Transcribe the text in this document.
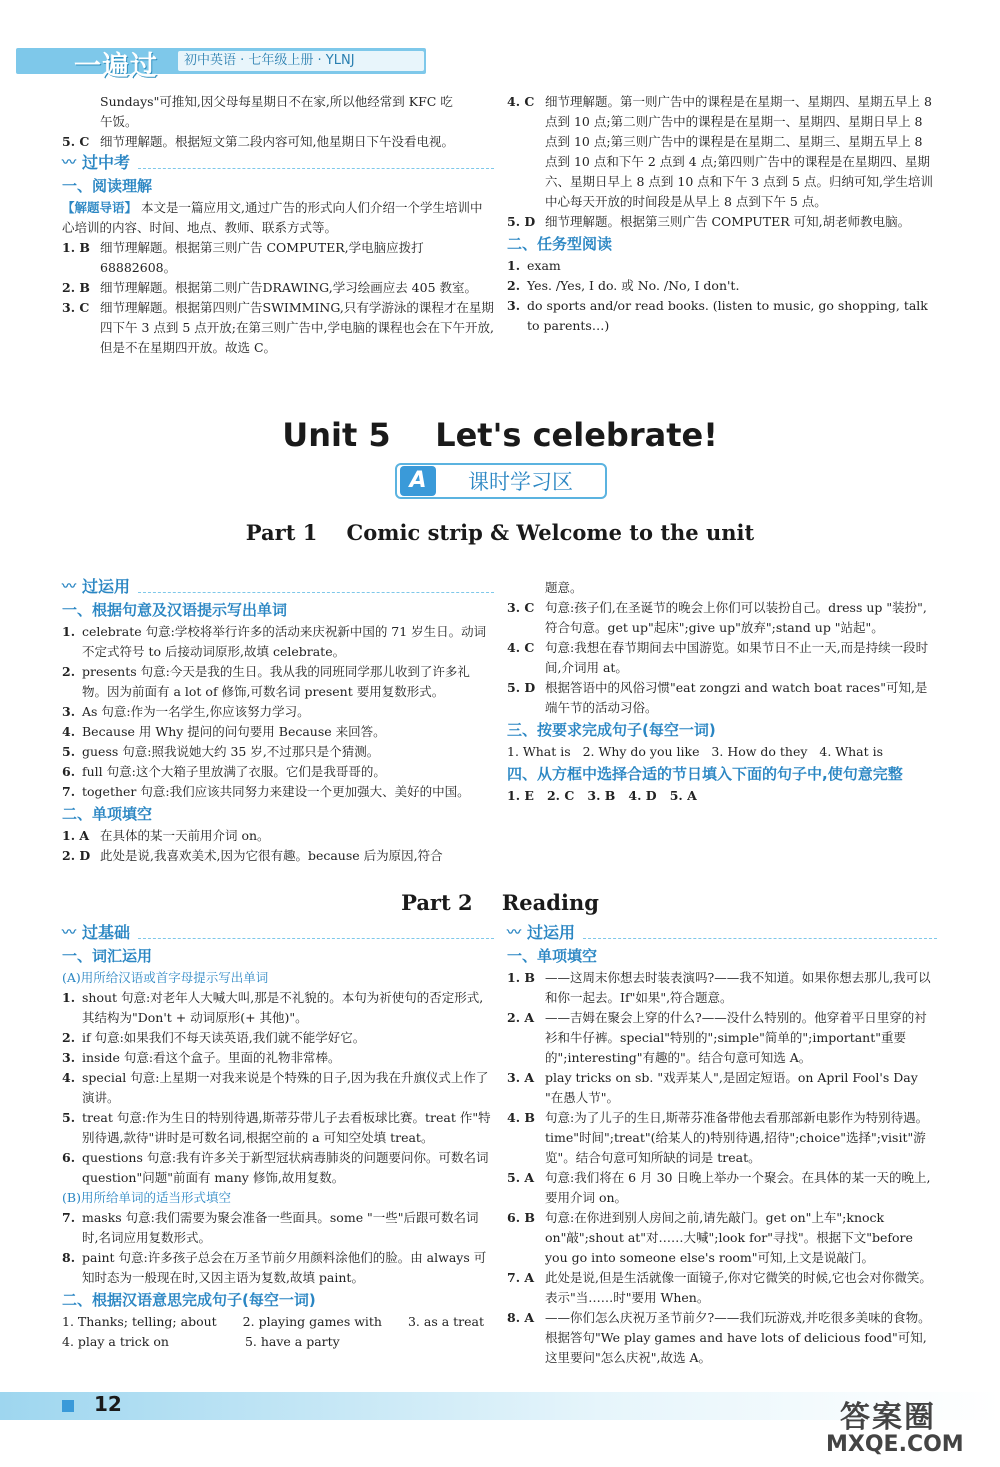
一遍过	初中英语 · 七年级上册 · YLNJ

Sundays"可推知,因父母每星期日不在家,所以他经常到 KFC 吃

午饭。

5. C 细节理解题。根据短文第二段内容可知,他星期日下午没看电视。
〰 过中考
一、阅读理解

【解题导语】 本文是一篇应用文,通过广告的形式向人们介绍一个学生培训中心培训的内容、时间、地点、教师、联系方式等。

1. B 细节理解题。根据第三则广告 COMPUTER,学电脑应拨打 68882608。
2. B 细节理解题。根据第二则广告DRAWING,学习绘画应去 405 教室。
3. C 细节理解题。根据第四则广告SWIMMING,只有学游泳的课程才在星期四下午 3 点到 5 点开放;在第三则广告中,学电脑的课程也会在下午开放,但是不在星期四开放。故选 C。
4. C 细节理解题。第一则广告中的课程是在星期一、星期四、星期五早上 8 点到 10 点;第二则广告中的课程是在星期一、星期四、星期日早上 8 点到 10 点;第三则广告中的课程是在星期二、星期三、星期五早上 8 点到 10 点和下午 2 点到 4 点;第四则广告中的课程是在星期四、星期六、星期日早上 8 点到 10 点和下午 3 点到 5 点。归纳可知,学生培训中心每天开放的时间段是从早上 8 点到下午 5 点。
5. D 细节理解题。根据第三则广告 COMPUTER 可知,胡老师教电脑。
二、任务型阅读
1. exam
2. Yes. /Yes, I do. 或 No. /No, I don't.
3. do sports and/or read books. (listen to music, go shopping, talk to parents…)
Unit 5    Let's celebrate!
A	课时学习区
Part 1    Comic strip & Welcome to the unit
〰 过运用
一、根据句意及汉语提示写出单词
1. celebrate 句意:学校将举行许多的活动来庆祝新中国的 71 岁生日。动词不定式符号 to 后接动词原形,故填 celebrate。
2. presents 句意:今天是我的生日。我从我的同班同学那儿收到了许多礼物。因为前面有 a lot of 修饰,可数名词 present 要用复数形式。
3. As 句意:作为一名学生,你应该努力学习。
4. Because 用 Why 提问的问句要用 Because 来回答。
5. guess 句意:照我说她大约 35 岁,不过那只是个猜测。
6. full 句意:这个大箱子里放满了衣服。它们是我哥哥的。
7. together 句意:我们应该共同努力来建设一个更加强大、美好的中国。
二、单项填空
1. A 在具体的某一天前用介词 on。
2. D 此处是说,我喜欢美术,因为它很有趣。because 后为原因,符合

题意。

3. C 句意:孩子们,在圣诞节的晚会上你们可以装扮自己。dress up "装扮",符合句意。get up"起床";give up"放弃";stand up "站起"。
4. C 句意:我想在春节期间去中国游览。如果节日不止一天,而是持续一段时间,介词用 at。
5. D 根据答语中的风俗习惯"eat zongzi and watch boat races"可知,是端午节的活动习俗。
三、按要求完成句子(每空一词)

1. What is   2. Why do you like   3. How do they   4. What is

四、从方框中选择合适的节日填入下面的句子中,使句意完整

1. E   2. C   3. B   4. D   5. A

Part 2    Reading
〰 过基础
一、词汇运用

(A)用所给汉语或首字母提示写出单词

1. shout 句意:对老年人大喊大叫,那是不礼貌的。本句为祈使句的否定形式,其结构为"Don't + 动词原形(+ 其他)"。
2. if 句意:如果我们不每天读英语,我们就不能学好它。
3. inside 句意:看这个盒子。里面的礼物非常棒。
4. special 句意:上星期一对我来说是个特殊的日子,因为我在升旗仪式上作了演讲。
5. treat 句意:作为生日的特别待遇,斯蒂芬带儿子去看板球比赛。treat 作"特别待遇,款待"讲时是可数名词,根据空前的 a 可知空处填 treat。
6. questions 句意:我有许多关于新型冠状病毒肺炎的问题要问你。可数名词 question"问题"前面有 many 修饰,故用复数。

(B)用所给单词的适当形式填空

7. masks 句意:我们需要为聚会准备一些面具。some "一些"后跟可数名词时,名词应用复数形式。
8. paint 句意:许多孩子总会在万圣节前夕用颜料涂他们的脸。由 always 可知时态为一般现在时,又因主语为复数,故填 paint。
二、根据汉语意思完成句子(每空一词)
1. Thanks; telling; about 2. playing games with 3. as a treat
4. play a trick on	5. have a party
〰 过运用
一、单项填空
1. B ——这周末你想去时装表演吗?——我不知道。如果你想去那儿,我可以和你一起去。If"如果",符合题意。
2. A ——吉姆在聚会上穿的什么?——没什么特别的。他穿着平日里穿的衬衫和牛仔裤。special"特别的";simple"简单的";important"重要的";interesting"有趣的"。结合句意可知选 A。
3. A play tricks on sb. "戏弄某人",是固定短语。on April Fool's Day "在愚人节"。
4. B 句意:为了儿子的生日,斯蒂芬准备带他去看那部新电影作为特别待遇。time"时间";treat"(给某人的)特别待遇,招待";choice"选择";visit"游览"。结合句意可知所缺的词是 treat。
5. A 句意:我们将在 6 月 30 日晚上举办一个聚会。在具体的某一天的晚上,要用介词 on。
6. B 句意:在你进到别人房间之前,请先敲门。get on"上车";knock on"敲";shout at"对……大喊";look for"寻找"。根据下文"before you go into someone else's room"可知,上文是说敲门。
7. A 此处是说,但是生活就像一面镜子,你对它微笑的时候,它也会对你微笑。表示"当……时"要用 When。
8. A ——你们怎么庆祝万圣节前夕?——我们玩游戏,并吃很多美味的食物。根据答句"We play games and have lots of delicious food"可知,这里要问"怎么庆祝",故选 A。
12	答案圈
MXQE.COM
